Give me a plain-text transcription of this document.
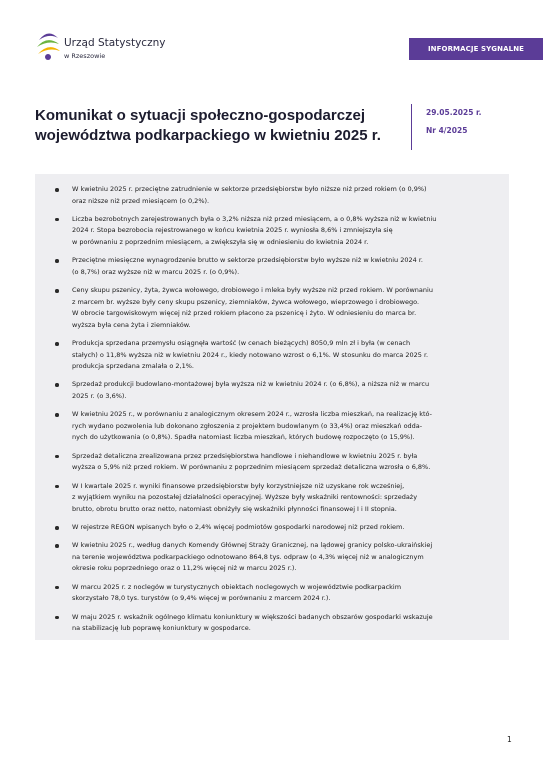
Urząd Statystyczny
w Rzeszowie
INFORMACJE SYGNALNE
Komunikat o sytuacji społeczno-gospodarczej
województwa podkarpackiego w kwietniu 2025 r.
29.05.2025 r.
Nr 4/2025
W kwietniu 2025 r. przeciętne zatrudnienie w sektorze przedsiębiorstw było niższe niż przed rokiem (o 0,9%)
oraz niższe niż przed miesiącem (o 0,2%).
Liczba bezrobotnych zarejestrowanych była o 3,2% niższa niż przed miesiącem, a o 0,8% wyższa niż w kwietniu
2024 r. Stopa bezrobocia rejestrowanego w końcu kwietnia 2025 r. wyniosła 8,6% i zmniejszyła się
w porównaniu z poprzednim miesiącem, a zwiększyła się w odniesieniu do kwietnia 2024 r.
Przeciętne miesięczne wynagrodzenie brutto w sektorze przedsiębiorstw było wyższe niż w kwietniu 2024 r.
(o 8,7%) oraz wyższe niż w marcu 2025 r. (o 0,9%).
Ceny skupu pszenicy, żyta, żywca wołowego, drobiowego i mleka były wyższe niż przed rokiem. W porównaniu
z marcem br. wyższe były ceny skupu pszenicy, ziemniaków, żywca wołowego, wieprzowego i drobiowego.
W obrocie targowiskowym więcej niż przed rokiem płacono za pszenicę i żyto. W odniesieniu do marca br.
wyższa była cena żyta i ziemniaków.
Produkcja sprzedana przemysłu osiągnęła wartość (w cenach bieżących) 8050,9 mln zł i była (w cenach
stałych) o 11,8% wyższa niż w kwietniu 2024 r., kiedy notowano wzrost o 6,1%. W stosunku do marca 2025 r.
produkcja sprzedana zmalała o 2,1%.
Sprzedaż produkcji budowlano-montażowej była wyższa niż w kwietniu 2024 r. (o 6,8%), a niższa niż w marcu
2025 r. (o 3,6%).
W kwietniu 2025 r., w porównaniu z analogicznym okresem 2024 r., wzrosła liczba mieszkań, na realizację któ-
rych wydano pozwolenia lub dokonano zgłoszenia z projektem budowlanym (o 33,4%) oraz mieszkań odda-
nych do użytkowania (o 0,8%). Spadła natomiast liczba mieszkań, których budowę rozpoczęto (o 15,9%).
Sprzedaż detaliczna zrealizowana przez przedsiębiorstwa handlowe i niehandlowe w kwietniu 2025 r. była
wyższa o 5,9% niż przed rokiem. W porównaniu z poprzednim miesiącem sprzedaż detaliczna wzrosła o 6,8%.
W I kwartale 2025 r. wyniki finansowe przedsiębiorstw były korzystniejsze niż uzyskane rok wcześniej,
z wyjątkiem wyniku na pozostałej działalności operacyjnej. Wyższe były wskaźniki rentowności: sprzedaży
brutto, obrotu brutto oraz netto, natomiast obniżyły się wskaźniki płynności finansowej I i II stopnia.
W rejestrze REGON wpisanych było o 2,4% więcej podmiotów gospodarki narodowej niż przed rokiem.
W kwietniu 2025 r., według danych Komendy Głównej Straży Granicznej, na lądowej granicy polsko-ukraińskiej
na terenie województwa podkarpackiego odnotowano 864,8 tys. odpraw (o 4,3% więcej niż w analogicznym
okresie roku poprzedniego oraz o 11,2% więcej niż w marcu 2025 r.).
W marcu 2025 r. z noclegów w turystycznych obiektach noclegowych w województwie podkarpackim
skorzystało 78,0 tys. turystów (o 9,4% więcej w porównaniu z marcem 2024 r.).
W maju 2025 r. wskaźnik ogólnego klimatu koniunktury w większości badanych obszarów gospodarki wskazuje
na stabilizację lub poprawę koniunktury w gospodarce.
1
